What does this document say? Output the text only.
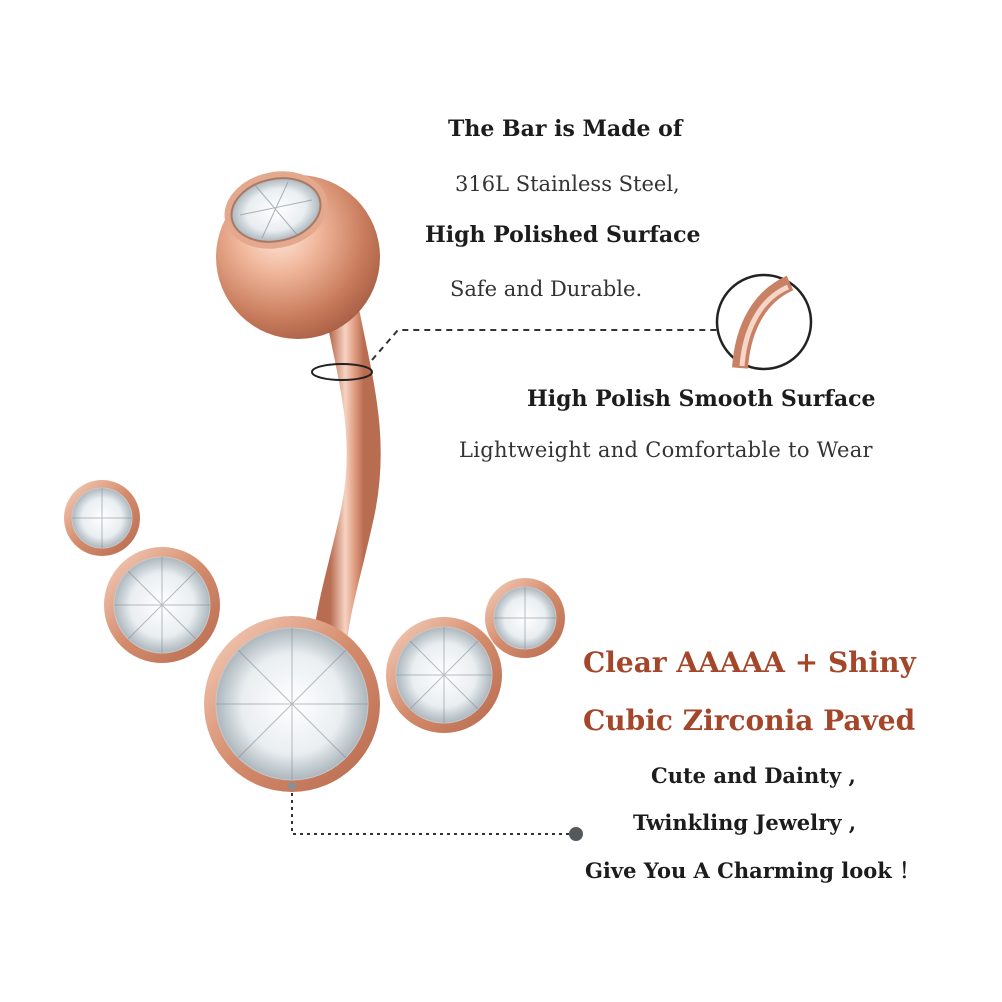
The Bar is Made of
316L Stainless Steel,
High Polished Surface
Safe and Durable.
High Polish Smooth Surface
Lightweight and Comfortable to Wear
Clear AAAAA + Shiny
Cubic Zirconia Paved
Cute and Dainty ,
Twinkling Jewelry ,
Give You A Charming look ！
